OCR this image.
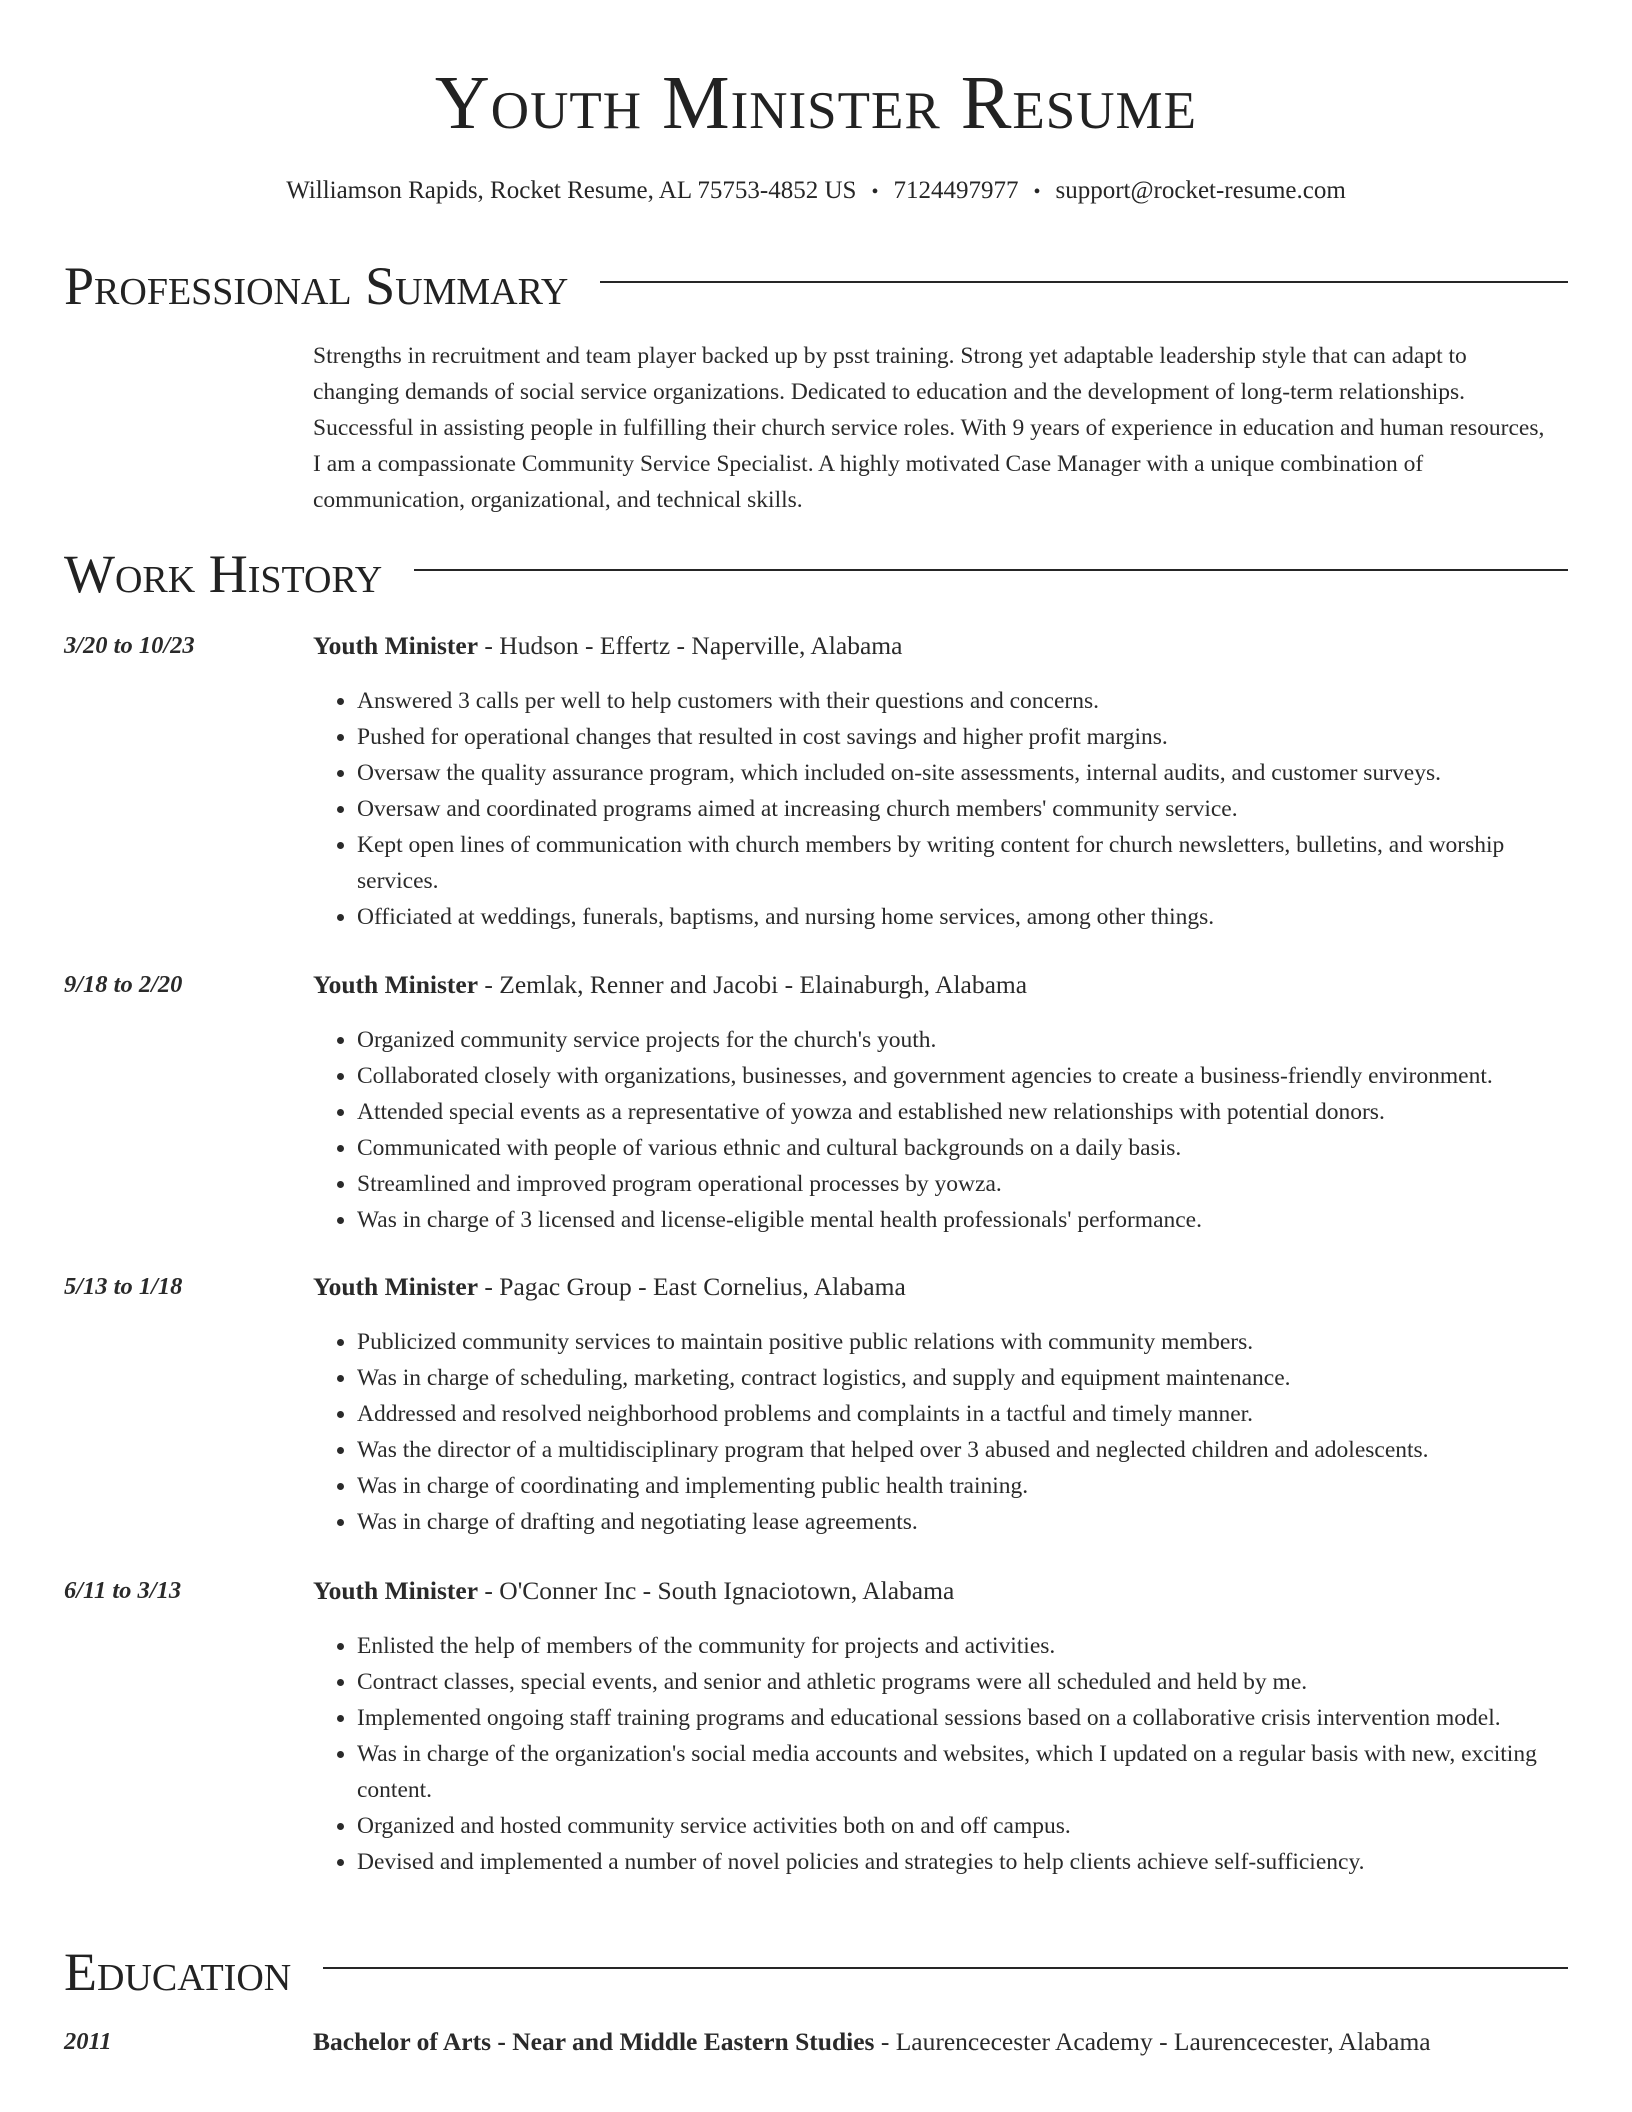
Youth Minister Resume
Williamson Rapids, Rocket Resume, AL 75753-4852 US • 7124497977 • support@rocket-resume.com
Professional Summary
Strengths in recruitment and team player backed up by psst training. Strong yet adaptable leadership style that can adapt to changing demands of social service organizations. Dedicated to education and the development of long-term relationships. Successful in assisting people in fulfilling their church service roles. With 9 years of experience in education and human resources, I am a compassionate Community Service Specialist. A highly motivated Case Manager with a unique combination of communication, organizational, and technical skills.
Work History
3/20 to 10/23	Youth Minister - Hudson - Effertz - Naperville, Alabama
• Answered 3 calls per well to help customers with their questions and concerns.
• Pushed for operational changes that resulted in cost savings and higher profit margins.
• Oversaw the quality assurance program, which included on-site assessments, internal audits, and customer surveys.
• Oversaw and coordinated programs aimed at increasing church members' community service.
• Kept open lines of communication with church members by writing content for church newsletters, bulletins, and worship services.
• Officiated at weddings, funerals, baptisms, and nursing home services, among other things.
9/18 to 2/20	Youth Minister - Zemlak, Renner and Jacobi - Elainaburgh, Alabama
• Organized community service projects for the church's youth.
• Collaborated closely with organizations, businesses, and government agencies to create a business-friendly environment.
• Attended special events as a representative of yowza and established new relationships with potential donors.
• Communicated with people of various ethnic and cultural backgrounds on a daily basis.
• Streamlined and improved program operational processes by yowza.
• Was in charge of 3 licensed and license-eligible mental health professionals' performance.
5/13 to 1/18	Youth Minister - Pagac Group - East Cornelius, Alabama
• Publicized community services to maintain positive public relations with community members.
• Was in charge of scheduling, marketing, contract logistics, and supply and equipment maintenance.
• Addressed and resolved neighborhood problems and complaints in a tactful and timely manner.
• Was the director of a multidisciplinary program that helped over 3 abused and neglected children and adolescents.
• Was in charge of coordinating and implementing public health training.
• Was in charge of drafting and negotiating lease agreements.
6/11 to 3/13	Youth Minister - O'Conner Inc - South Ignaciotown, Alabama
• Enlisted the help of members of the community for projects and activities.
• Contract classes, special events, and senior and athletic programs were all scheduled and held by me.
• Implemented ongoing staff training programs and educational sessions based on a collaborative crisis intervention model.
• Was in charge of the organization's social media accounts and websites, which I updated on a regular basis with new, exciting content.
• Organized and hosted community service activities both on and off campus.
• Devised and implemented a number of novel policies and strategies to help clients achieve self-sufficiency.
Education
2011	Bachelor of Arts - Near and Middle Eastern Studies - Laurencecester Academy - Laurencecester, Alabama
